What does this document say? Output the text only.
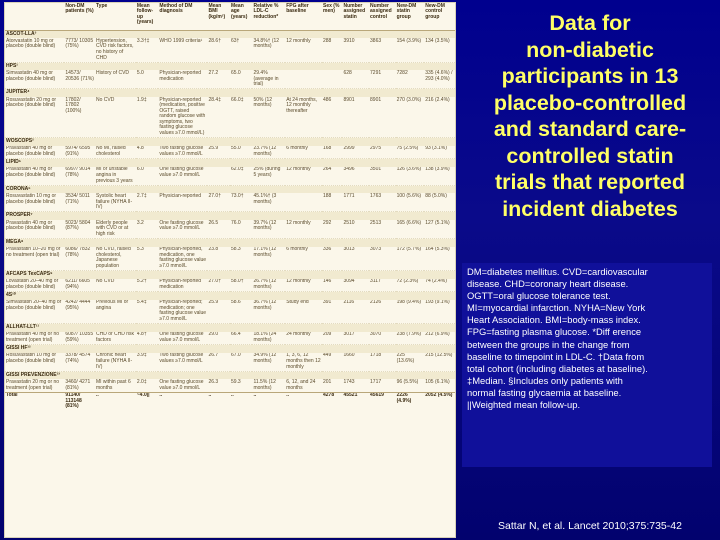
	Non-DM patients (%)	Type	Mean follow-up (years)	Method of DM diagnosis	Mean BMI (kg/m²)	Mean age (years)	Relative % LDL-C reduction*	FPG after baseline	Sex (% men)	Number assigned statin	Number assigned control	New-DM statin group	New-DM control group
ASCOT-LLA³													
Atorvastatin 10 mg or placebo (double blind)	7773/ 10305 (75%)	Hypertension, CVD risk factors, no history of CHD	3.3†‡	WHO 1999 criteria¹	28.6†	63†	34.8%† (12 months)	12 monthly	288	3910	3863	154 (3.9%)	134 (3.5%)
HPS¹													
Simvastatin 40 mg or placebo (double blind)	14573/ 20536 (71%)	History of CVD	5.0	Physician-reported medication	27.2	65.0	29.4% (average in trial)			628	7291	7282	335 (4.6%) / 293 (4.0%)
JUPITER⁴													
Rosuvastatin 20 mg or placebo (double blind)	17802/ 17802 (100%)	No CVD	1.9‡	Physician-reported (medication, positive OGTT, raised random glucose with symptoms, two fasting glucose values ≥7.0 mmol/L)	28.4‡	66.0‡	50% (12 months)	At 24 months, 12 monthly thereafter	486	8901	8901	270 (3.0%)	216 (2.4%)
WOSCOPS²													
Pravastatin 40 mg or placebo (double blind)	5974/ 6595 (91%)	No MI, raised cholesterol	4.8	Two fasting glucose values ≥7.0 mmol/L	25.9	55.0	23.7% (12 months)	6 monthly	168	2999	2975	75 (2.5%)	93 (3.1%)
LIPID⁵													
Pravastatin 40 mg or placebo (double blind)	6997/ 9014 (78%)	MI or unstable angina in previous 3 years	6.0	One fasting glucose value ≥7.0 mmol/L		62.0‡	25% (during 5 years)	12 monthly	264	3496	3501	126 (3.6%)	138 (3.9%)
CORONA⁶													
Rosuvastatin 10 mg or placebo (double blind)	3534/ 5011 (71%)	Systolic heart failure (NYHA II-IV)	2.7‡	Physician-reported	27.0†	73.0†	45.1%† (3 months)		188	1771	1763	100 (5.6%)	88 (5.0%)
PROSPER⁷													
Pravastatin 40 mg or placebo (double blind)	5023/ 5804 (87%)	Elderly people with CVD or at high risk	3.2	One fasting glucose value ≥7.0 mmol/L	26.5	76.0	39.7% (12 months)	12 monthly	292	2510	2513	165 (6.6%)	127 (5.1%)
MEGA⁸													
Pravastatin 10–20 mg or no treatment (open trial)	6086/ 7832 (78%)	No CVD, raised cholesterol, Japanese population	5.3	Physician-reported, medication, one fasting glucose value ≥7.0 mmol/L	23.8	58.3	17.1% (12 months)	6 monthly	336	3013	3073	172 (5.7%)	164 (5.3%)
AFCAPS TexCAPS⁹													
Lovastatin 20–40 mg or placebo (double blind)	6211/ 6605 (94%)	No CVD	5.2†	Physician-reported medication	27.0†	58.0†	26.7% (12 months)	12 monthly	146	3094	3117	72 (2.3%)	74 (2.4%)
4S¹⁰													
Simvastatin 20–40 mg or placebo (double blind)	4242/ 4444 (95%)	Previous MI or angina	5.4‡	Physician-reported; medication; one fasting glucose value ≥7.0 mmol/L	25.9	58.6	36.7% (12 months)	Study end	391	2116	2126	198 (9.4%)	193 (9.1%)
ALLHAT-LLT¹¹													
Pravastatin 40 mg or no treatment (open trial)	6087/ 10355 (59%)	CHD or CHD risk factors	4.8†	One fasting glucose value ≥7.0 mmol/L	29.0	66.4	18.1% (24 months)	24 monthly	209	3017	3070	238 (7.9%)	212 (6.9%)
GISSI HF¹²													
Rosuvastatin 10 mg or placebo (double blind)	3378/ 4574 (74%)	Chronic heart failure (NYHA II-IV)	3.9‡	Two fasting glucose values ≥7.0 mmol/L	26.7	67.0	34.9% (12 months)	1, 3, 6, 12 months then 12 monthly	449	1660	1718	225 (13.6%)	215 (12.5%)
GISSI PREVENZIONE¹³													
Pravastatin 20 mg or no treatment (open trial)	3460/ 4271 (81%)	MI within past 6 months	2.0‡	One fasting glucose value ≥7.0 mmol/L	26.3	59.3	11.5% (12 months)	6, 12, and 24 months	201	1743	1717	96 (5.5%)	105 (6.1%)
Total	91140/ 113148 (81%)	..	~4.0||	..	..	..	..	..	4278	45521	45619	2226 (4.9%)	2052 (4.5%)
Data for
non-diabetic
participants in 13
placebo-controlled
and standard care-
controlled statin
trials that reported
incident diabetes
DM=diabetes mellitus. CVD=cardiovascular
disease. CHD=coronary heart disease.
OGTT=oral glucose tolerance test.
MI=myocardial infarction. NYHA=New York
Heart Association. BMI=body-mass index.
FPG=fasting plasma glucose. *Diff erence
between the groups in the change from
baseline to timepoint in LDL-C. †Data from
total cohort (including diabetes at baseline).
‡Median. §Includes only patients with
normal fasting glycaemia at baseline.
||Weighted mean follow-up.
Sattar N, et al. Lancet 2010;375:735-42
